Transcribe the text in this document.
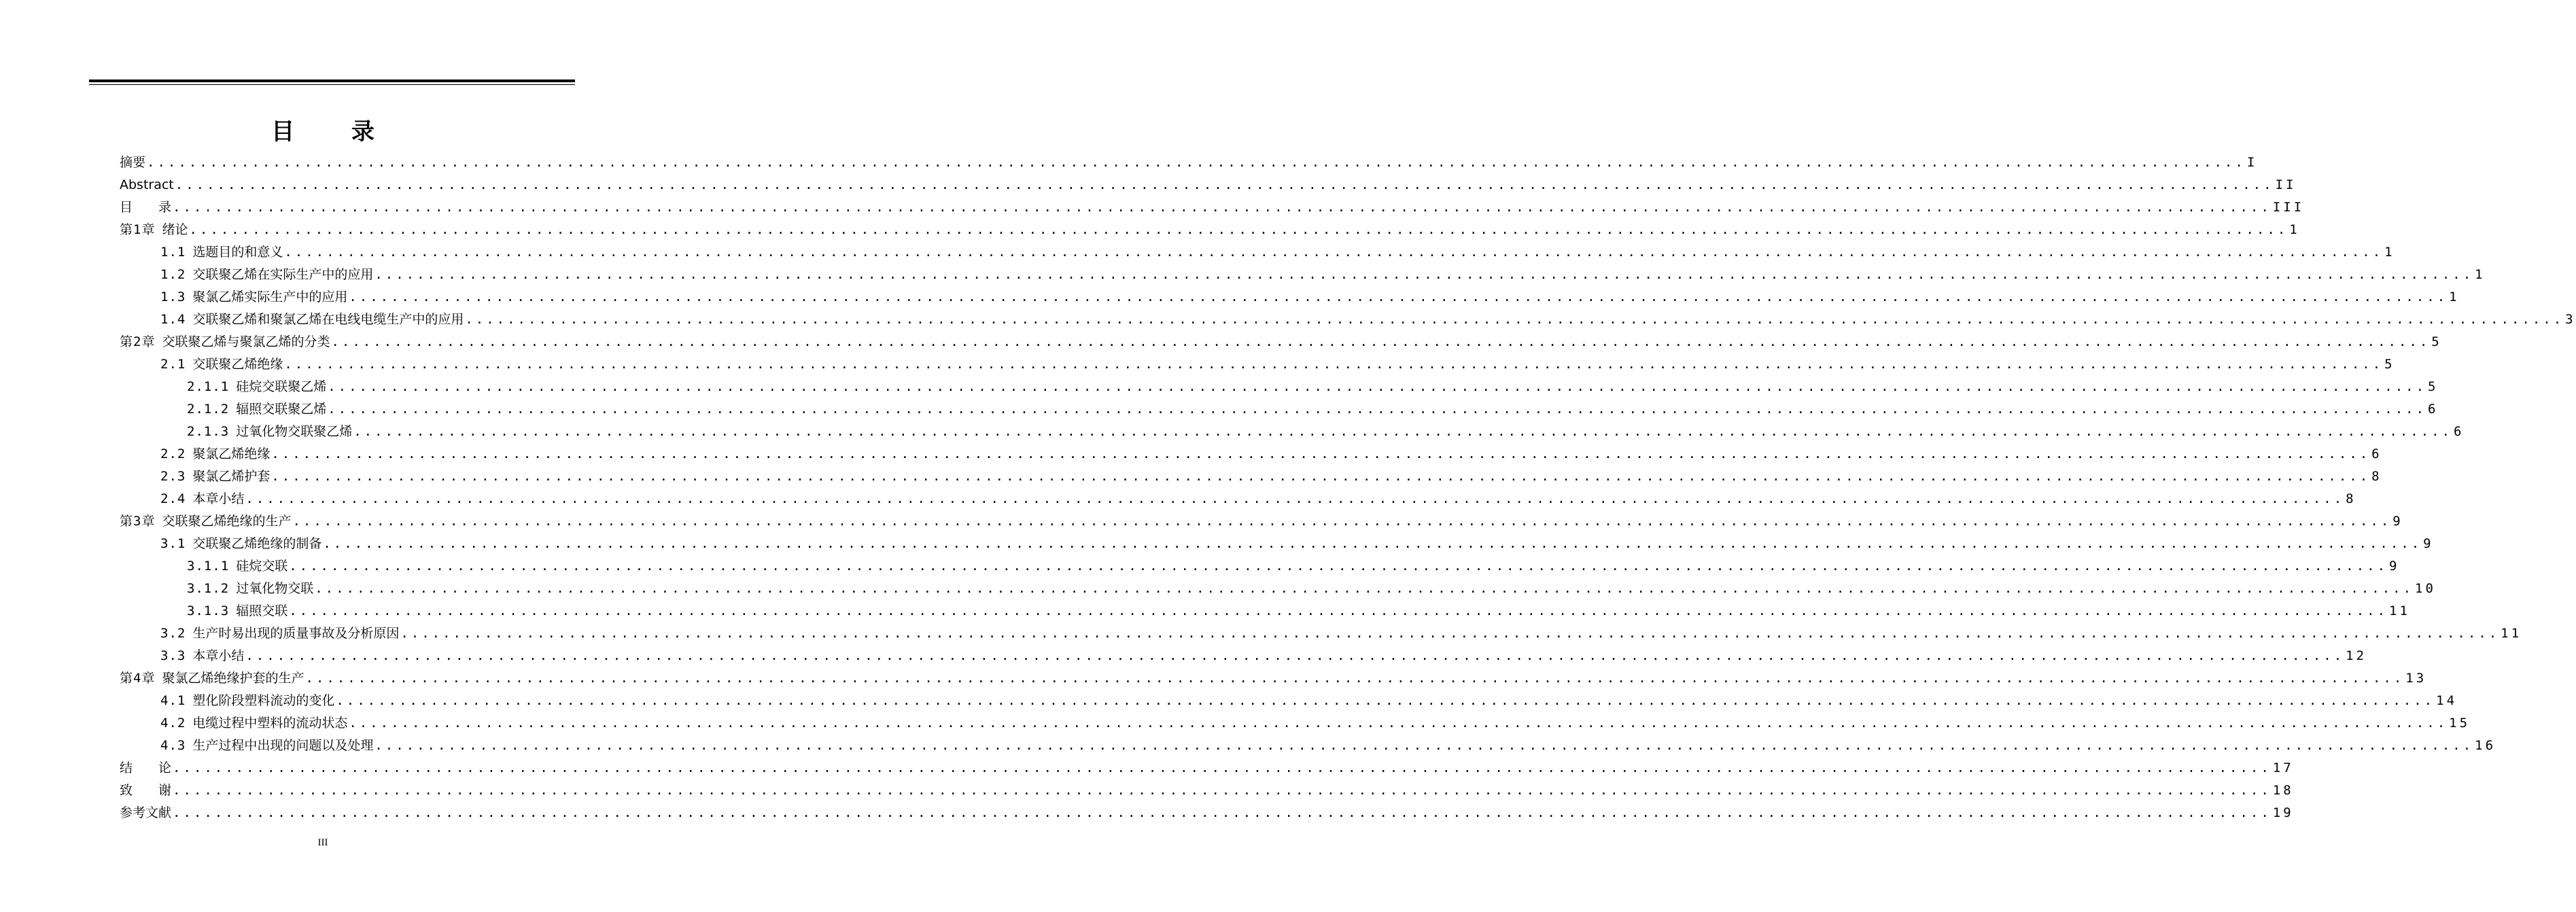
目 录
摘要 ........................................................................................................................................................................................................ I
Abstract ........................................................................................................................................................................................................ II
目　　录 ........................................................................................................................................................................................................ III
第1章 绪论 ........................................................................................................................................................................................................ 1
1.1 选题目的和意义 ........................................................................................................................................................................................................ 1
1.2 交联聚乙烯在实际生产中的应用 ........................................................................................................................................................................................................ 1
1.3 聚氯乙烯实际生产中的应用 ........................................................................................................................................................................................................ 1
1.4 交联聚乙烯和聚氯乙烯在电线电缆生产中的应用 ........................................................................................................................................................................................................ 3
第2章 交联聚乙烯与聚氯乙烯的分类 ........................................................................................................................................................................................................ 5
2.1 交联聚乙烯绝缘 ........................................................................................................................................................................................................ 5
2.1.1 硅烷交联聚乙烯 ........................................................................................................................................................................................................ 5
2.1.2 辐照交联聚乙烯 ........................................................................................................................................................................................................ 6
2.1.3 过氧化物交联聚乙烯 ........................................................................................................................................................................................................ 6
2.2 聚氯乙烯绝缘 ........................................................................................................................................................................................................ 6
2.3 聚氯乙烯护套 ........................................................................................................................................................................................................ 8
2.4 本章小结 ........................................................................................................................................................................................................ 8
第3章 交联聚乙烯绝缘的生产 ........................................................................................................................................................................................................ 9
3.1 交联聚乙烯绝缘的制备 ........................................................................................................................................................................................................ 9
3.1.1 硅烷交联 ........................................................................................................................................................................................................ 9
3.1.2 过氧化物交联 ........................................................................................................................................................................................................ 10
3.1.3 辐照交联 ........................................................................................................................................................................................................ 11
3.2 生产时易出现的质量事故及分析原因 ........................................................................................................................................................................................................ 11
3.3 本章小结 ........................................................................................................................................................................................................ 12
第4章 聚氯乙烯绝缘护套的生产 ........................................................................................................................................................................................................ 13
4.1 塑化阶段塑料流动的变化 ........................................................................................................................................................................................................ 14
4.2 电缆过程中塑料的流动状态 ........................................................................................................................................................................................................ 15
4.3 生产过程中出现的问题以及处理 ........................................................................................................................................................................................................ 16
结　　论 ........................................................................................................................................................................................................ 17
致　　谢 ........................................................................................................................................................................................................ 18
参考文献 ........................................................................................................................................................................................................ 19
III
